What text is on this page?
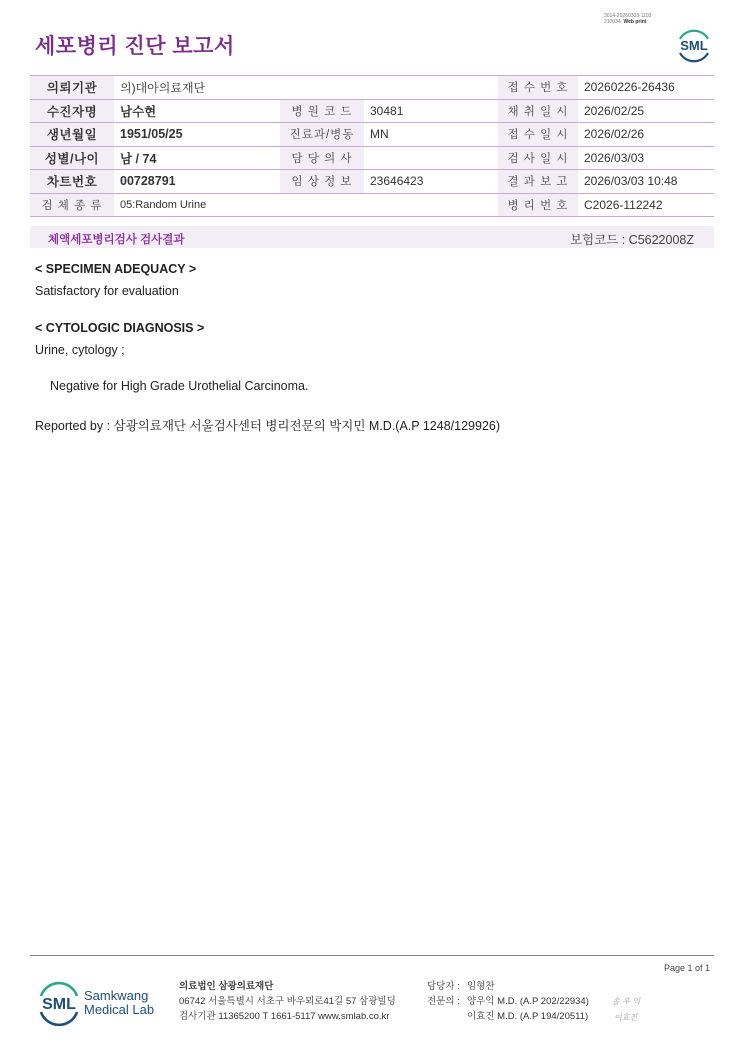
3014-20260303-1103
210034 Web print
세포병리 진단 보고서	SML
의뢰기관	의)대아의료재단			접 수 번 호	20260226-26436
수진자명	남수현	병 원 코 드	30481	채 취 일 시	2026/02/25
생년월일	1951/05/25	진료과/병동	MN	접 수 일 시	2026/02/26
성별/나이	남 / 74	담 당 의 사		검 사 일 시	2026/03/03
차트번호	00728791	임 상 정 보	23646423	결 과 보 고	2026/03/03 10:48
검 체 종 류	05:Random Urine			병 리 번 호	C2026-112242
체액세포병리검사 검사결과	보험코드 : C5622008Z
< SPECIMEN ADEQUACY >
Satisfactory for evaluation
< CYTOLOGIC DIAGNOSIS >
Urine, cytology ;
Negative for High Grade Urothelial Carcinoma.
Reported by : 삼광의료재단 서울검사센터 병리전문의 박지민 M.D.(A.P 1248/129926)
Page 1 of 1
SML
Samkwang
Medical Lab
의료법인 삼광의료재단
06742 서울특별시 서초구 바우뫼로41길 57 삼광빌딩
검사기관 11365200 T 1661-5117 www.smlab.co.kr
담당자 :
전문의 :
임형찬
양우익 M.D. (A.P 202/22934)
이효진 M.D. (A.P 194/20511)
송 우 익
이효진
